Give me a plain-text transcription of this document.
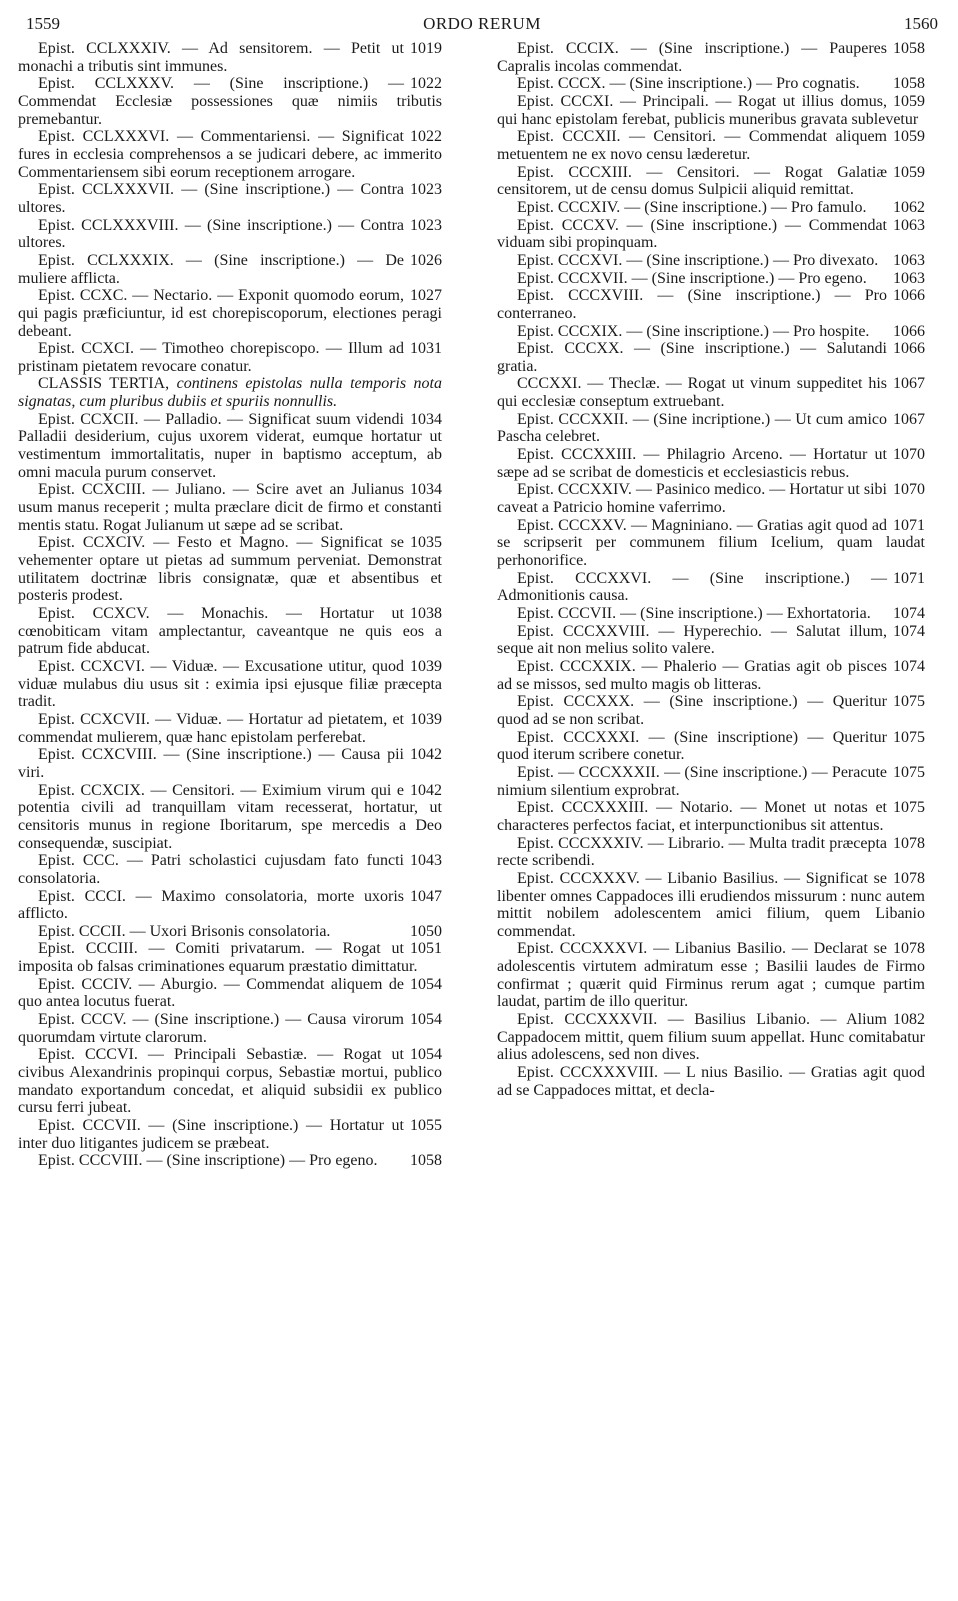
ORDO RERUM
1559	1560

1019
Epist. CCLXXXIV. — Ad sensitorem. — Petit ut monachi a tributis sint immunes.

1022
Epist. CCLXXXV. — (Sine inscriptione.) — Commendat Ecclesiæ possessiones quæ nimiis tributis premebantur.

1022
Epist. CCLXXXVI. — Commentariensi. — Significat fures in ecclesia comprehensos a se judicari debere, ac immerito Commentariensem sibi eorum receptionem arrogare.

1023
Epist. CCLXXXVII. — (Sine inscriptione.) — Contra ultores.

1023
Epist. CCLXXXVIII. — (Sine inscriptione.) — Contra ultores.

1026
Epist. CCLXXXIX. — (Sine inscriptione.) — De muliere afflicta.

1027
Epist. CCXC. — Nectario. — Exponit quomodo eorum, qui pagis præficiuntur, id est chorepiscoporum, electiones peragi debeant.

1031
Epist. CCXCI. — Timotheo chorepiscopo. — Illum ad pristinam pietatem revocare conatur.

CLASSIS TERTIA, continens epistolas nulla temporis nota signatas, cum pluribus dubiis et spuriis nonnullis.

1034
Epist. CCXCII. — Palladio. — Significat suum videndi Palladii desiderium, cujus uxorem viderat, eumque hortatur ut vestimentum immortalitatis, nuper in baptismo acceptum, ab omni macula purum conservet.

1034
Epist. CCXCIII. — Juliano. — Scire avet an Julianus usum manus receperit ; multa præclare dicit de firmo et constanti mentis statu. Rogat Julianum ut sæpe ad se scribat.

1035
Epist. CCXCIV. — Festo et Magno. — Significat se vehementer optare ut pietas ad summum perveniat. Demonstrat utilitatem doctrinæ libris consignatæ, quæ et absentibus et posteris prodest.

1038
Epist. CCXCV. — Monachis. — Hortatur ut cœnobiticam vitam amplectantur, caveantque ne quis eos a patrum fide abducat.

1039
Epist. CCXCVI. — Viduæ. — Excusatione utitur, quod viduæ mulabus diu usus sit : eximia ipsi ejusque filiæ præcepta tradit.

1039
Epist. CCXCVII. — Viduæ. — Hortatur ad pietatem, et commendat mulierem, quæ hanc epistolam perferebat.

1042
Epist. CCXCVIII. — (Sine inscriptione.) — Causa pii viri.

1042
Epist. CCXCIX. — Censitori. — Eximium virum qui e potentia civili ad tranquillam vitam recesserat, hortatur, ut censitoris munus in regione Iboritarum, spe mercedis a Deo consequendæ, suscipiat.

1043
Epist. CCC. — Patri scholastici cujusdam fato functi consolatoria.

1047
Epist. CCCI. — Maximo consolatoria, morte uxoris afflicto.

1050
Epist. CCCII. — Uxori Brisonis consolatoria.

1051
Epist. CCCIII. — Comiti privatarum. — Rogat ut imposita ob falsas criminationes equarum præstatio dimittatur.

1054
Epist. CCCIV. — Aburgio. — Commendat aliquem de quo antea locutus fuerat.

1054
Epist. CCCV. — (Sine inscriptione.) — Causa virorum quorumdam virtute clarorum.

1054
Epist. CCCVI. — Principali Sebastiæ. — Rogat ut civibus Alexandrinis propinqui corpus, Sebastiæ mortui, publico mandato exportandum concedat, et aliquid subsidii ex publico cursu ferri jubeat.

1055
Epist. CCCVII. — (Sine inscriptione.) — Hortatur ut inter duo litigantes judicem se præbeat.

1058
Epist. CCCVIII. — (Sine inscriptione) — Pro egeno.

1058
Epist. CCCIX. — (Sine inscriptione.) — Pauperes Capralis incolas commendat.

1058
Epist. CCCX. — (Sine inscriptione.) — Pro cognatis.

1059
Epist. CCCXI. — Principali. — Rogat ut illius domus, qui hanc epistolam ferebat, publicis muneribus gravata sublevetur

1059
Epist. CCCXII. — Censitori. — Commendat aliquem metuentem ne ex novo censu læderetur.

1059
Epist. CCCXIII. — Censitori. — Rogat Galatiæ censitorem, ut de censu domus Sulpicii aliquid remittat.

1062
Epist. CCCXIV. — (Sine inscriptione.) — Pro famulo.

1063
Epist. CCCXV. — (Sine inscriptione.) — Commendat viduam sibi propinquam.

1063
Epist. CCCXVI. — (Sine inscriptione.) — Pro divexato.

1063
Epist. CCCXVII. — (Sine inscriptione.) — Pro egeno.

1066
Epist. CCCXVIII. — (Sine inscriptione.) — Pro conterraneo.

1066
Epist. CCCXIX. — (Sine inscriptione.) — Pro hospite.

1066
Epist. CCCXX. — (Sine inscriptione.) — Salutandi gratia.

1067
CCCXXI. — Theclæ. — Rogat ut vinum suppeditet his qui ecclesiæ conseptum extruebant.

1067
Epist. CCCXXII. — (Sine incriptione.) — Ut cum amico Pascha celebret.

1070
Epist. CCCXXIII. — Philagrio Arceno. — Hortatur ut sæpe ad se scribat de domesticis et ecclesiasticis rebus.

1070
Epist. CCCXXIV. — Pasinico medico. — Hortatur ut sibi caveat a Patricio homine vaferrimo.

1071
Epist. CCCXXV. — Magniniano. — Gratias agit quod ad se scripserit per communem filium Icelium, quam laudat perhonorifice.

1071
Epist. CCCXXVI. — (Sine inscriptione.) — Admonitionis causa.

1074
Epist. CCCVII. — (Sine inscriptione.) — Exhortatoria.

1074
Epist. CCCXXVIII. — Hyperechio. — Salutat illum, seque ait non melius solito valere.

1074
Epist. CCCXXIX. — Phalerio — Gratias agit ob pisces ad se missos, sed multo magis ob litteras.

1075
Epist. CCCXXX. — (Sine inscriptione.) — Queritur quod ad se non scribat.

1075
Epist. CCCXXXI. — (Sine inscriptione) — Queritur quod iterum scribere conetur.

1075
Epist. — CCCXXXII. — (Sine inscriptione.) — Peracute nimium silentium exprobrat.

1075
Epist. CCCXXXIII. — Notario. — Monet ut notas et characteres perfectos faciat, et interpunctionibus sit attentus.

1078
Epist. CCCXXXIV. — Librario. — Multa tradit præcepta recte scribendi.

1078
Epist. CCCXXXV. — Libanio Basilius. — Significat se libenter omnes Cappadoces illi erudiendos missurum : nunc autem mittit nobilem adolescentem amici filium, quem Libanio commendat.

1078
Epist. CCCXXXVI. — Libanius Basilio. — Declarat se adolescentis virtutem admiratum esse ; Basilii laudes de Firmo confirmat ; quærit quid Firminus rerum agat ; cumque partim laudat, partim de illo queritur.

1082
Epist. CCCXXXVII. — Basilius Libanio. — Alium Cappadocem mittit, quem filium suum appellat. Hunc comitabatur alius adolescens, sed non dives.

Epist. CCCXXXVIII. — L nius Basilio. — Gratias agit quod ad se Cappadoces mittat, et decla-
